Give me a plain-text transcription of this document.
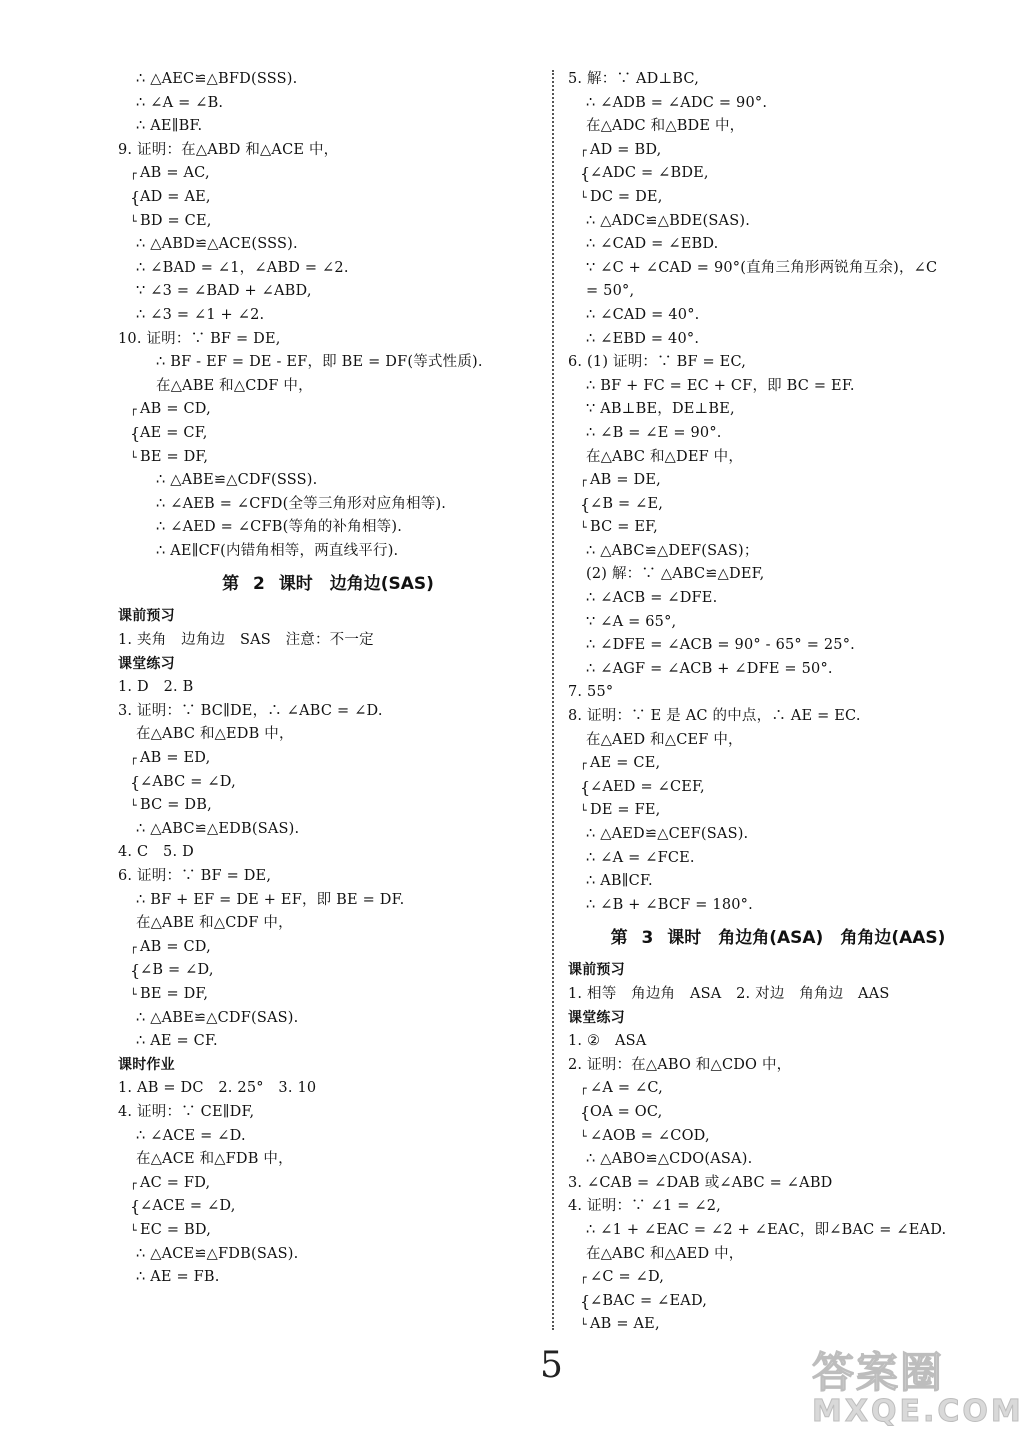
∴ △AEC≌△BFD(SSS).
∴ ∠A = ∠B.
∴ AE∥BF.
9. 证明：在△ABD 和△ACE 中，
┌AB = AC,
{AD = AE,
└BD = CE,
∴ △ABD≌△ACE(SSS).
∴ ∠BAD = ∠1，∠ABD = ∠2.
∵ ∠3 = ∠BAD + ∠ABD,
∴ ∠3 = ∠1 + ∠2.
10. 证明：∵ BF = DE,
∴ BF - EF = DE - EF，即 BE = DF(等式性质).
在△ABE 和△CDF 中，
┌AB = CD,
{AE = CF,
└BE = DF,
∴ △ABE≌△CDF(SSS).
∴ ∠AEB = ∠CFD(全等三角形对应角相等).
∴ ∠AED = ∠CFB(等角的补角相等).
∴ AE∥CF(内错角相等，两直线平行).
第 2 课时　边角边(SAS)
课前预习
1. 夹角　边角边　SAS　注意：不一定
课堂练习
1. D　2. B
3. 证明：∵ BC∥DE，∴ ∠ABC = ∠D.
在△ABC 和△EDB 中，
┌AB = ED,
{∠ABC = ∠D,
└BC = DB,
∴ △ABC≌△EDB(SAS).
4. C　5. D
6. 证明：∵ BF = DE,
∴ BF + EF = DE + EF，即 BE = DF.
在△ABE 和△CDF 中，
┌AB = CD,
{∠B = ∠D,
└BE = DF,
∴ △ABE≌△CDF(SAS).
∴ AE = CF.
课时作业
1. AB = DC　2. 25°　3. 10
4. 证明：∵ CE∥DF,
∴ ∠ACE = ∠D.
在△ACE 和△FDB 中，
┌AC = FD,
{∠ACE = ∠D,
└EC = BD,
∴ △ACE≌△FDB(SAS).
∴ AE = FB.
5. 解：∵ AD⊥BC,
∴ ∠ADB = ∠ADC = 90°.
在△ADC 和△BDE 中，
┌AD = BD,
{∠ADC = ∠BDE,
└DC = DE,
∴ △ADC≌△BDE(SAS).
∴ ∠CAD = ∠EBD.
∵ ∠C + ∠CAD = 90°(直角三角形两锐角互余)，∠C
= 50°,
∴ ∠CAD = 40°.
∴ ∠EBD = 40°.
6. (1) 证明：∵ BF = EC,
∴ BF + FC = EC + CF，即 BC = EF.
∵ AB⊥BE，DE⊥BE,
∴ ∠B = ∠E = 90°.
在△ABC 和△DEF 中，
┌AB = DE,
{∠B = ∠E,
└BC = EF,
∴ △ABC≌△DEF(SAS)；
(2) 解：∵ △ABC≌△DEF,
∴ ∠ACB = ∠DFE.
∵ ∠A = 65°,
∴ ∠DFE = ∠ACB = 90° - 65° = 25°.
∴ ∠AGF = ∠ACB + ∠DFE = 50°.
7. 55°
8. 证明：∵ E 是 AC 的中点，∴ AE = EC.
在△AED 和△CEF 中，
┌AE = CE,
{∠AED = ∠CEF,
└DE = FE,
∴ △AED≌△CEF(SAS).
∴ ∠A = ∠FCE.
∴ AB∥CF.
∴ ∠B + ∠BCF = 180°.
第 3 课时　角边角(ASA)　角角边(AAS)
课前预习
1. 相等　角边角　ASA　2. 对边　角角边　AAS
课堂练习
1. ②　ASA
2. 证明：在△ABO 和△CDO 中，
┌∠A = ∠C,
{OA = OC,
└∠AOB = ∠COD,
∴ △ABO≌△CDO(ASA).
3. ∠CAB = ∠DAB 或∠ABC = ∠ABD
4. 证明：∵ ∠1 = ∠2,
∴ ∠1 + ∠EAC = ∠2 + ∠EAC，即∠BAC = ∠EAD.
在△ABC 和△AED 中，
┌∠C = ∠D,
{∠BAC = ∠EAD,
└AB = AE,
5	答案圈
MXQE.COM
